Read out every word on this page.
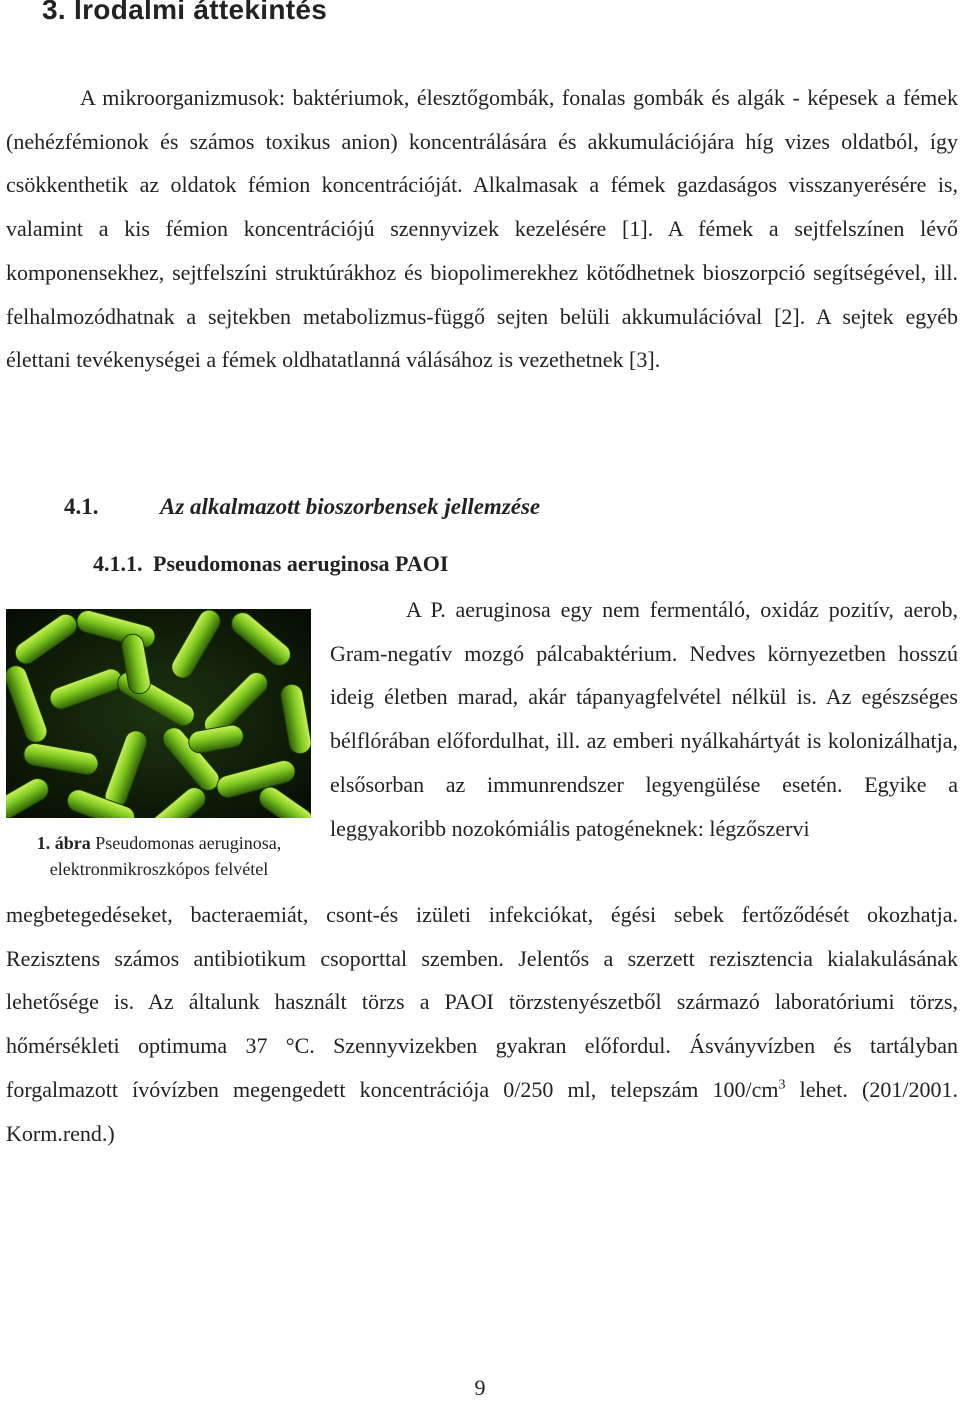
3. Irodalmi áttekintés

A mikroorganizmusok: baktériumok, élesztőgombák, fonalas gombák és algák - képesek a fémek (nehézfémionok és számos toxikus anion) koncentrálására és akkumulációjára híg vizes oldatból, így csökkenthetik az oldatok fémion koncentrációját. Alkalmasak a fémek gazdaságos visszanyerésére is, valamint a kis fémion koncentrációjú szennyvizek kezelésére [1]. A fémek a sejtfelszínen lévő komponensekhez, sejtfelszíni struktúrákhoz és biopolimerekhez kötődhetnek bioszorpció segítségével, ill. felhalmozódhatnak a sejtekben metabolizmus-függő sejten belüli akkumulációval [2]. A sejtek egyéb élettani tevékenységei a fémek oldhatatlanná válásához is vezethetnek [3].

4.1.	Az alkalmazott bioszorbensek jellemzése
4.1.1. Pseudomonas aeruginosa PAOI

1. ábra Pseudomonas aeruginosa,
elektronmikroszkópos felvétel

A P. aeruginosa egy nem fermentáló, oxidáz pozitív, aerob, Gram-negatív mozgó pálcabaktérium. Nedves környezetben hosszú ideig életben marad, akár tápanyagfelvétel nélkül is. Az egészséges bélflórában előfordulhat, ill. az emberi nyálkahártyát is kolonizálhatja, elsősorban az immunrendszer legyengülése esetén. Egyike a leggyakoribb nozokómiális patogéneknek: légzőszervi

megbetegedéseket, bacteraemiát, csont-és izületi infekciókat, égési sebek fertőződését okozhatja. Rezisztens számos antibiotikum csoporttal szemben. Jelentős a szerzett rezisztencia kialakulásának lehetősége is. Az általunk használt törzs a PAOI törzstenyészetből származó laboratóriumi törzs, hőmérsékleti optimuma 37 °C. Szennyvizekben gyakran előfordul. Ásványvízben és tartályban forgalmazott ívóvízben megengedett koncentrációja 0/250 ml, telepszám $100/cm^3$ lehet. (201/2001. Korm.rend.)

9
